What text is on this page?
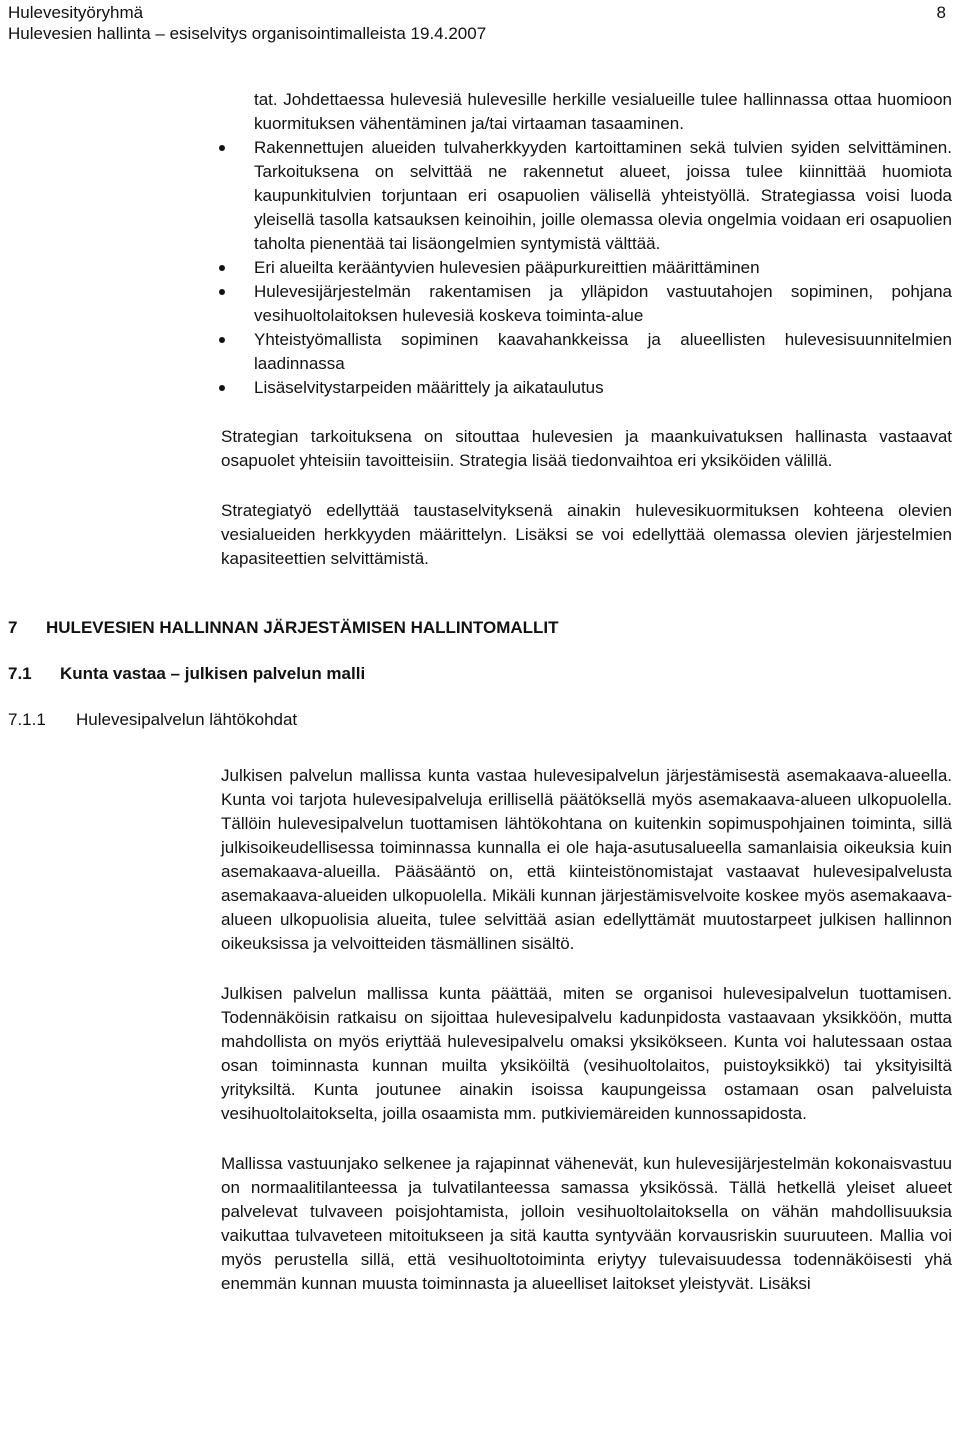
Hulevesityöryhmä
Hulevesien hallinta – esiselvitys organisointimalleista 19.4.2007
8
tat. Johdettaessa hulevesiä hulevesille herkille vesialueille tulee hallinnassa ottaa huomioon kuormituksen vähentäminen ja/tai virtaaman tasaaminen.
Rakennettujen alueiden tulvaherkkyyden kartoittaminen sekä tulvien syiden selvittäminen. Tarkoituksena on selvittää ne rakennetut alueet, joissa tulee kiinnittää huomiota kaupunkitulvien torjuntaan eri osapuolien välisellä yhteistyöllä. Strategiassa voisi luoda yleisellä tasolla katsauksen keinoihin, joille olemassa olevia ongelmia voidaan eri osapuolien taholta pienentää tai lisäongelmien syntymistä välttää.
Eri alueilta kerääntyvien hulevesien pääpurkureittien määrittäminen
Hulevesijärjestelmän rakentamisen ja ylläpidon vastuutahojen sopiminen, pohjana vesihuoltolaitoksen hulevesiä koskeva toiminta-alue
Yhteistyömallista sopiminen kaavahankkeissa ja alueellisten hulevesisuunnitelmien laadinnassa
Lisäselvitystarpeiden määrittely ja aikataulutus

Strategian tarkoituksena on sitouttaa hulevesien ja maankuivatuksen hallinasta vastaavat osapuolet yhteisiin tavoitteisiin. Strategia lisää tiedonvaihtoa eri yksiköiden välillä.

Strategiatyö edellyttää taustaselvityksenä ainakin hulevesikuormituksen kohteena olevien vesialueiden herkkyyden määrittelyn. Lisäksi se voi edellyttää olemassa olevien järjestelmien kapasiteettien selvittämistä.

7 HULEVESIEN HALLINNAN JÄRJESTÄMISEN HALLINTOMALLIT
7.1 Kunta vastaa – julkisen palvelun malli
7.1.1 Hulevesipalvelun lähtökohdat

Julkisen palvelun mallissa kunta vastaa hulevesipalvelun järjestämisestä asemakaava-alueella. Kunta voi tarjota hulevesipalveluja erillisellä päätöksellä myös asemakaava-alueen ulkopuolella. Tällöin hulevesipalvelun tuottamisen lähtökohtana on kuitenkin sopimuspohjainen toiminta, sillä julkisoikeudellisessa toiminnassa kunnalla ei ole haja-asutusalueella samanlaisia oikeuksia kuin asemakaava-alueilla. Pääsääntö on, että kiinteistönomistajat vastaavat hulevesipalvelusta asemakaava-alueiden ulkopuolella. Mikäli kunnan järjestämisvelvoite koskee myös asemakaava-alueen ulkopuolisia alueita, tulee selvittää asian edellyttämät muutostarpeet julkisen hallinnon oikeuksissa ja velvoitteiden täsmällinen sisältö.

Julkisen palvelun mallissa kunta päättää, miten se organisoi hulevesipalvelun tuottamisen. Todennäköisin ratkaisu on sijoittaa hulevesipalvelu kadunpidosta vastaavaan yksikköön, mutta mahdollista on myös eriyttää hulevesipalvelu omaksi yksikökseen. Kunta voi halutessaan ostaa osan toiminnasta kunnan muilta yksiköiltä (vesihuoltolaitos, puistoyksikkö) tai yksityisiltä yrityksiltä. Kunta joutunee ainakin isoissa kaupungeissa ostamaan osan palveluista vesihuoltolaitokselta, joilla osaamista mm. putkiviemäreiden kunnossapidosta.

Mallissa vastuunjako selkenee ja rajapinnat vähenevät, kun hulevesijärjestelmän kokonaisvastuu on normaalitilanteessa ja tulvatilanteessa samassa yksikössä. Tällä hetkellä yleiset alueet palvelevat tulvaveen poisjohtamista, jolloin vesihuoltolaitoksella on vähän mahdollisuuksia vaikuttaa tulvaveteen mitoitukseen ja sitä kautta syntyvään korvausriskin suuruuteen. Mallia voi myös perustella sillä, että vesihuoltotoiminta eriytyy tulevaisuudessa todennäköisesti yhä enemmän kunnan muusta toiminnasta ja alueelliset laitokset yleistyvät. Lisäksi
